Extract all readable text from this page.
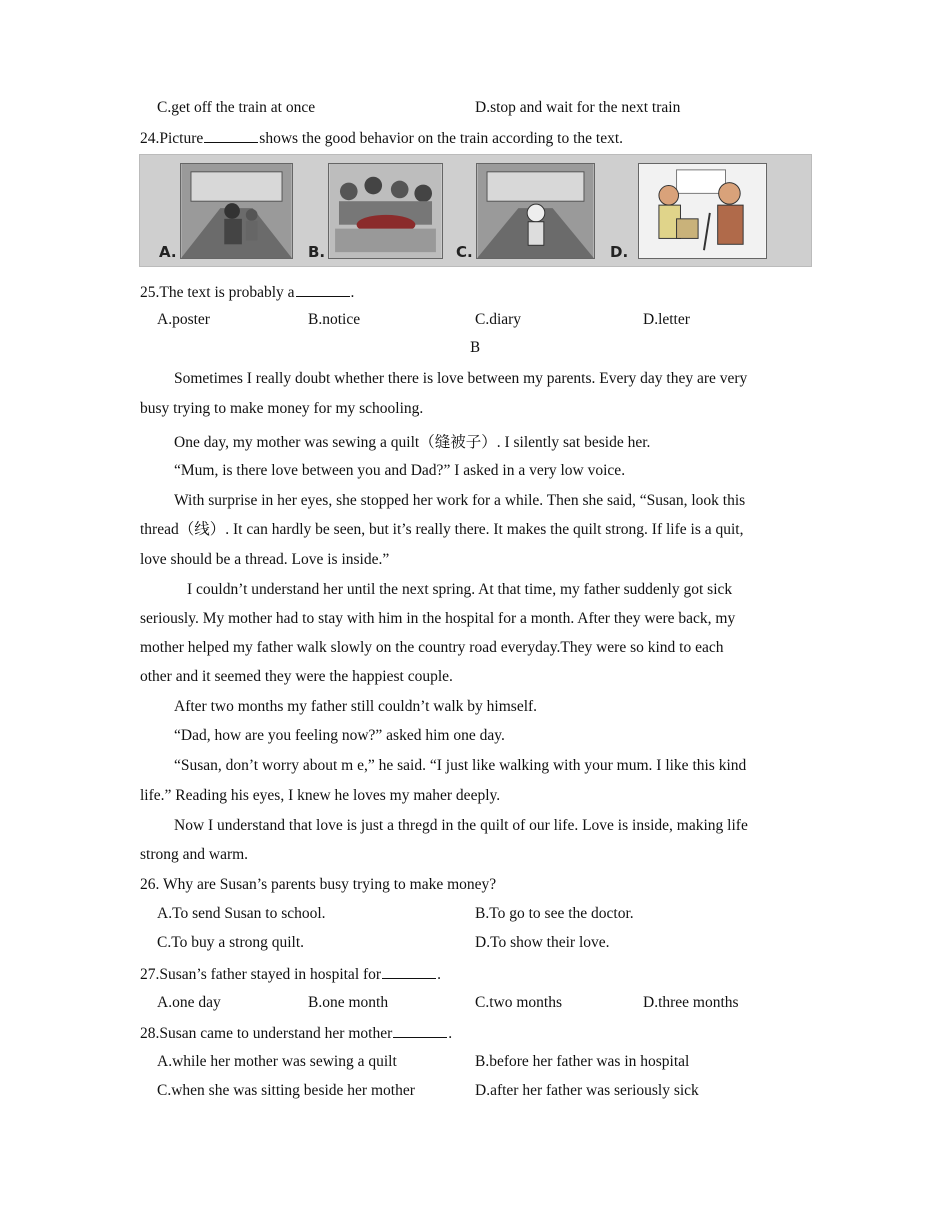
C.get off the train at once	D.stop and wait for the next train
24.Picture	shows the good behavior on the train according to the text.
A.	B.	C.	D.
25.The text is probably a	.
A.poster	B.notice	C.diary	D.letter
B
Sometimes I really doubt whether there is love between my parents. Every day they are very
busy trying to make money for my schooling.
One day, my mother was sewing a quilt（缝被子）. I silently sat beside her.
“Mum, is there love between you and Dad?” I asked in a very low voice.
With surprise in her eyes, she stopped her work for a while. Then she said, “Susan, look this
thread（线）. It can hardly be seen, but it’s really there. It makes the quilt strong. If life is a quit,
love should be a thread. Love is inside.”
I couldn’t understand her until the next spring. At that time, my father suddenly got sick
seriously. My mother had to stay with him in the hospital for a month. After they were back, my
mother helped my father walk slowly on the country road everyday.They were so kind to each
other and it seemed they were the happiest couple.
After two months my father still couldn’t walk by himself.
“Dad, how are you feeling now?” asked him one day.
“Susan, don’t worry about m e,” he said. “I just like walking with your mum. I like this kind
life.” Reading his eyes, I knew he loves my maher deeply.
Now I understand that love is just a thregd in the quilt of our life. Love is inside, making life
strong and warm.
26. Why are Susan’s parents busy trying to make money?
A.To send Susan to school.	B.To go to see the doctor.
C.To buy a strong quilt.	D.To show their love.
27.Susan’s father stayed in hospital for	.
A.one day	B.one month	C.two months	D.three months
28.Susan came to understand her mother	.
A.while her mother was sewing a quilt	B.before her father was in hospital
C.when she was sitting beside her mother	D.after her father was seriously sick
